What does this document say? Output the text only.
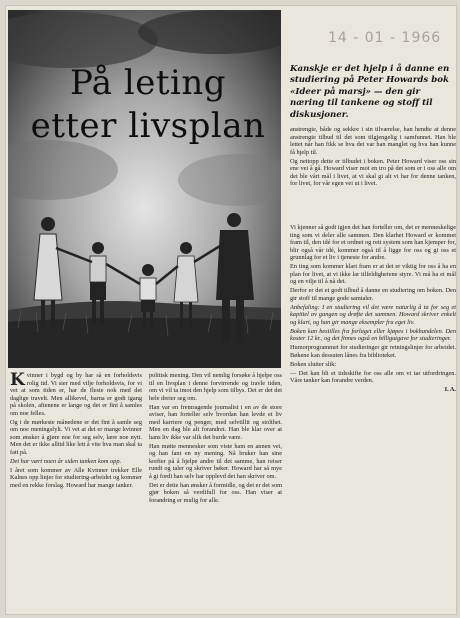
På leting
etter livsplan
14 - 01 - 1966

Kanskje er det hjelp i å danne en studiering på Peter Howards bok «Ideer på marsj» — den gir næring til tankene og stoff til diskusjoner.

anstrengte, både og sekkre i sin tilværelse, han hendte at denne anstrengte tilbud til det som tilgjengelig i samfunnet. Han ble lettet når han fikk se hva det var han manglet og hva han kunne få hjelp til.

Og nettopp dette er tilbudet i boken. Peter Howard viser oss sin ene vei å gå. Howard viser mot en tro på det som er i oss alle om det ble vårt mål i livet, at vi skal gi alt vi har for denne tanken, for livet, for vår egen vei ut i livet.

Vi kjenner så godt igjen det han forteller om, det er menneskelige ting som vi deler alle sammen. Den klarhet Howard er kommet fram til, den idé for et ordnet og rett system som han kjemper for, blir også vår idé, kommer også til å ligge for oss og gi oss et grunnlag for et liv i tjeneste for andre.

En ting som kommer klart fram er at det er viktig for oss å ha en plan for livet, at vi ikke lar tilfeldighetene styre. Vi må ha et mål og en vilje til å nå det.

Derfor er det et godt tilbud å danne en studiering om boken. Den gir stoff til mange gode samtaler.

Anbefaling: I en studiering vil det være naturlig å ta for seg et kapittel av gangen og drøfte det sammen. Howard skriver enkelt og klart, og han gir mange eksempler fra eget liv.

Boken kan bestilles fra forlaget eller kjøpes i bokhandelen. Den koster 12 kr., og det finnes også en billigutgave for studieringer.

Humorprogrammet for studieringer gir retningslinjer for arbeidet. Bøkene kan dessuten lånes fra biblioteket.

Boken slutter slik:

— Det kan bli et tidsskifte for oss alle om vi tar utfordringen. Våre tanker kan forandre verden.

I. A.

Kvinner i bygd og by har så en forholdsvis rolig tid. Vi sier med vilje forholdsvis, for vi vet at som tiden er, har de fleste nok med det daglige travelt. Men allikevel, barna er godt igang på skolen, aftenene er lange og det er fint å samles om noe felles.

Og i de mørkeste månedene er det fint å samle seg om noe meningsfylt. Vi vet at det er mange kvinner som ønsker å gjøre noe for seg selv, lære noe nytt. Men det er ikke alltid like lett å vite hva man skal ta fatt på.

Det har vært noen år siden tanken kom opp.

I året som kommer av Alle Kvinner trekker Elle Kalnes opp linjer for studiering-arbeidet og kommer med en rekke forslag. Howard har mange tanker.

politisk mening. Den vil nemlig forsøke å hjelpe oss til en livsplan i denne forvirrende og travle tiden, om vi vil ta imot den hjelp som tilbys. Det er det det hele dreier seg om.

Han var en fremragende journalist i en av de store aviser, han forteller selv hvordan han levde et liv med karriere og penger, med selvtillit og stolthet. Men en dag ble alt forandret. Han ble klar over at hans liv ikke var slik det burde være.

Han møtte mennesker som viste ham en annen vei, og han fant en ny mening. Nå bruker han sine krefter på å hjelpe andre til det samme, han reiser rundt og taler og skriver bøker. Howard har så mye å gi fordi han selv har opplevd det han skriver om.

Det er dette han ønsker å formidle, og det er det som gjør boken så verdifull for oss. Han viser at forandring er mulig for alle.
